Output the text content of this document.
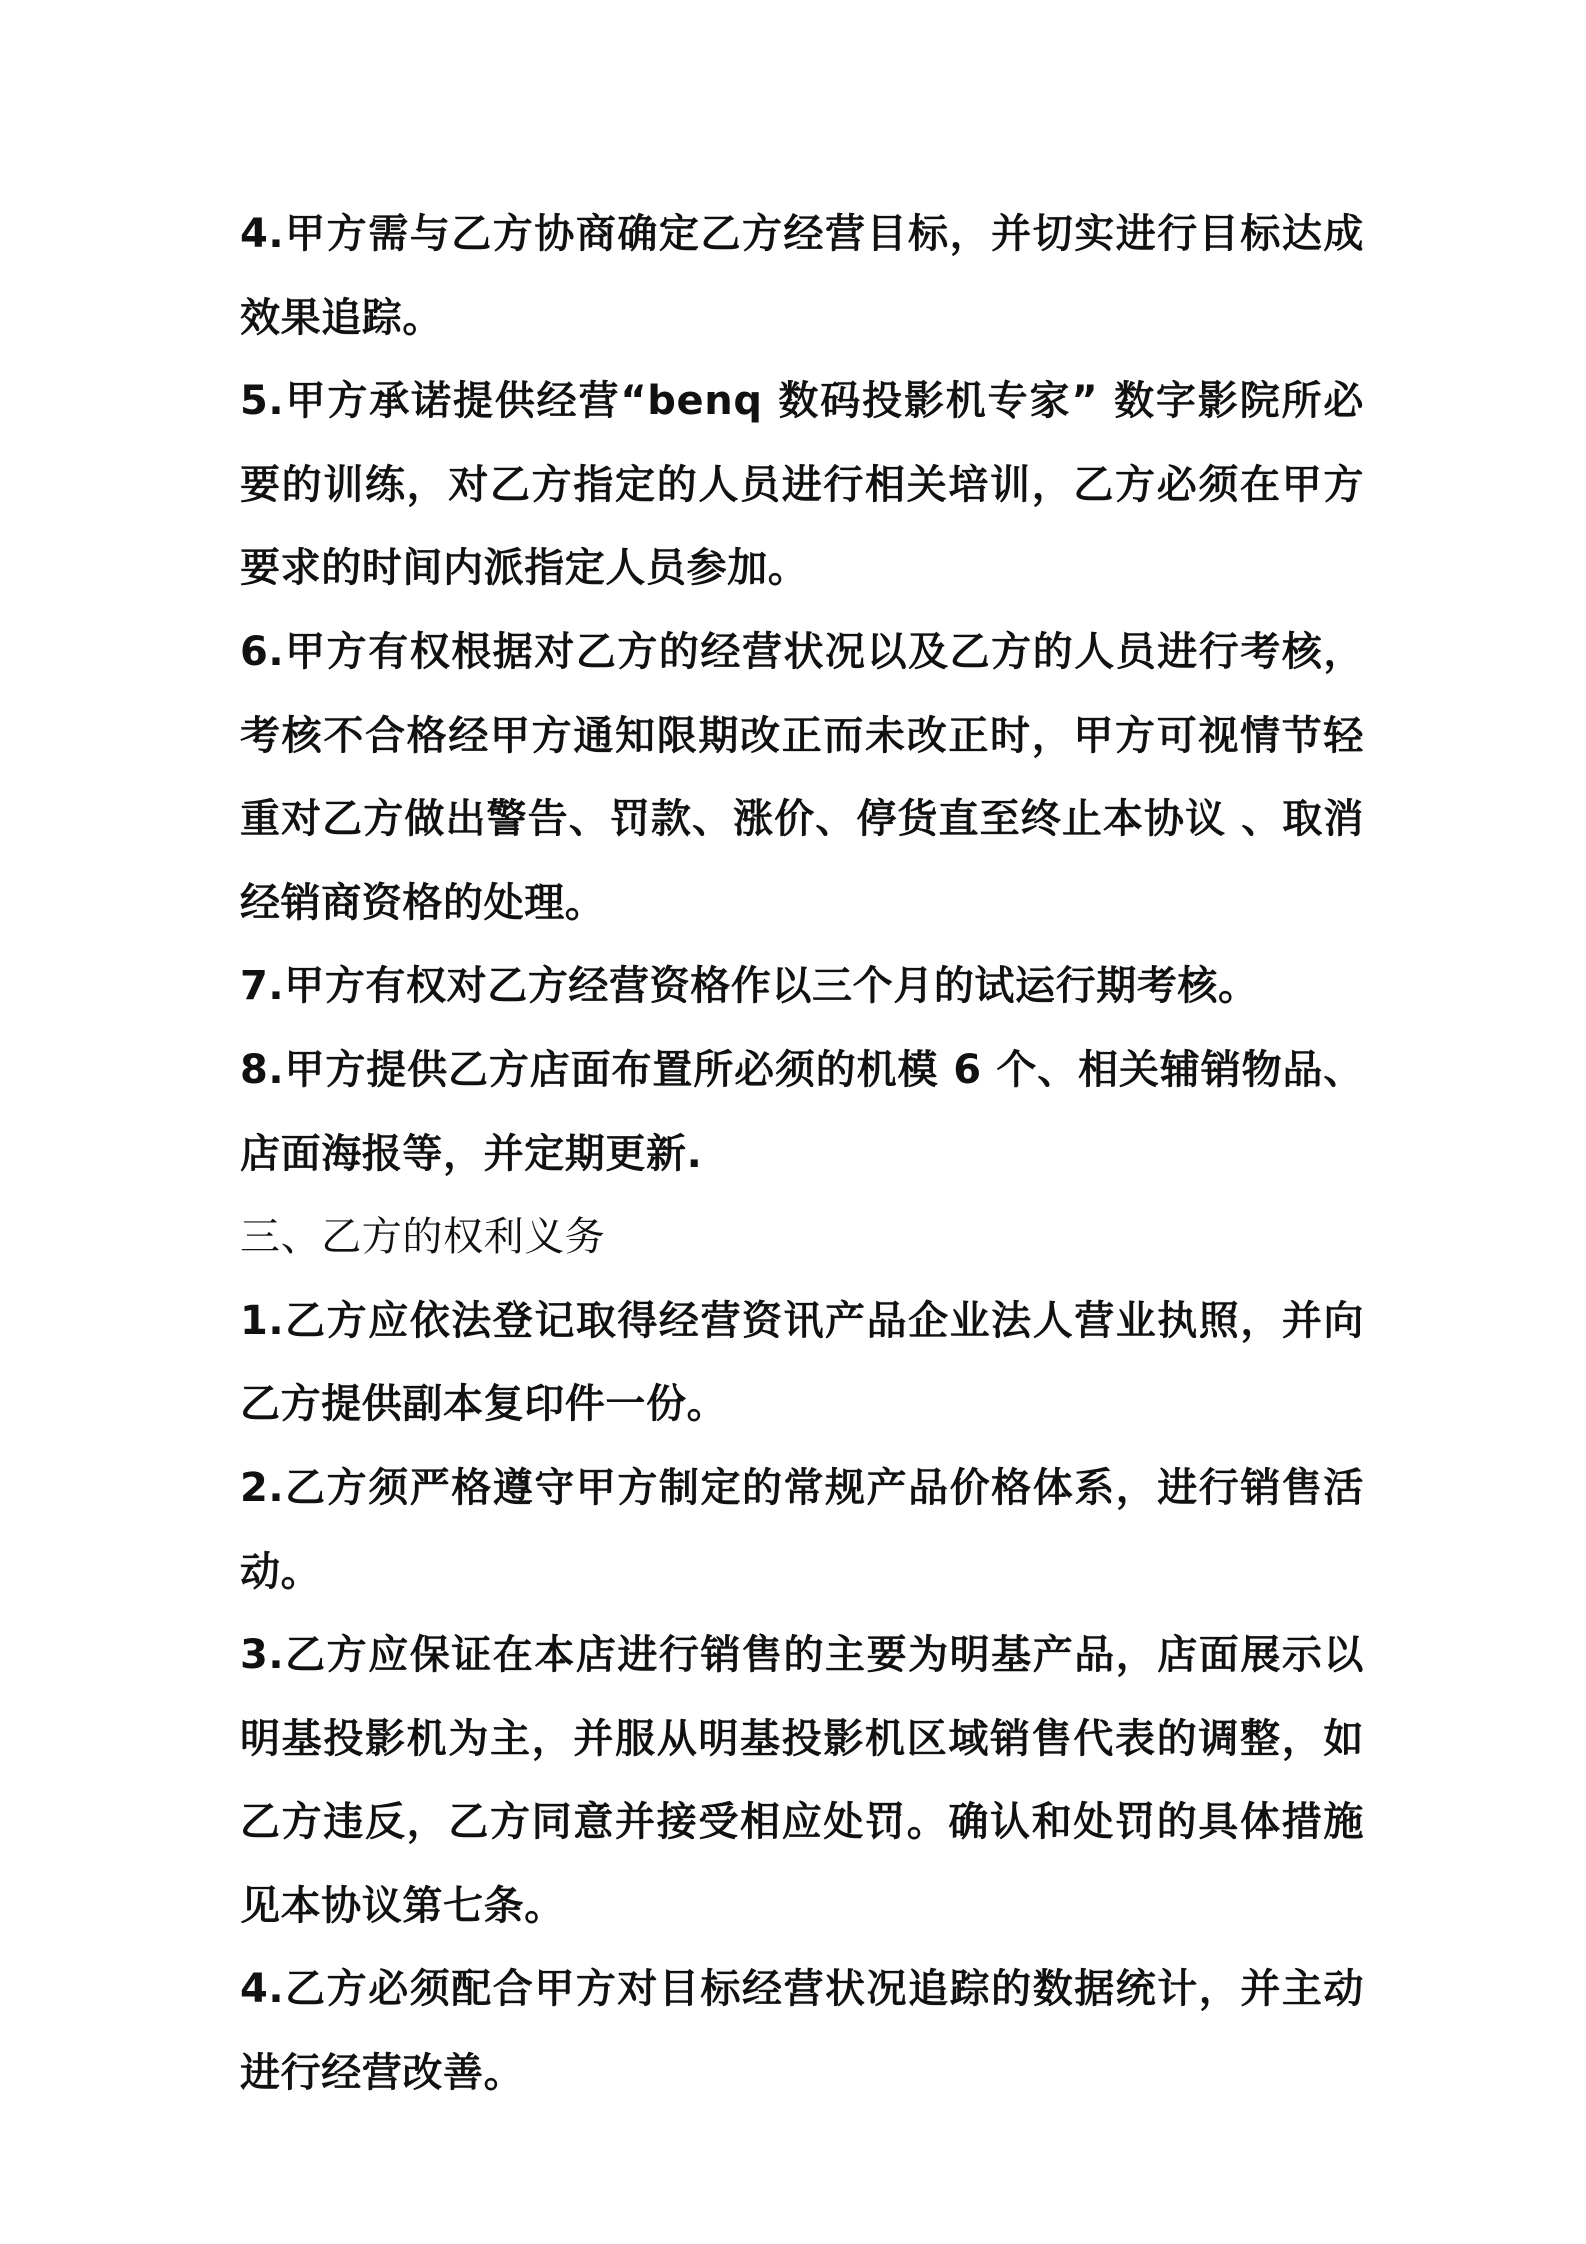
4.甲方需与乙方协商确定乙方经营目标，并切实进行目标达成效果追踪。

5.甲方承诺提供经营“benq 数码投影机专家” 数字影院所必要的训练，对乙方指定的人员进行相关培训，乙方必须在甲方要求的时间内派指定人员参加。

6.甲方有权根据对乙方的经营状况以及乙方的人员进行考核，考核不合格经甲方通知限期改正而未改正时，甲方可视情节轻重对乙方做出警告、罚款、涨价、停货直至终止本协议 、取消经销商资格的处理。

7.甲方有权对乙方经营资格作以三个月的试运行期考核。

8.甲方提供乙方店面布置所必须的机模 6 个、相关辅销物品、店面海报等，并定期更新.

三、乙方的权利义务

1.乙方应依法登记取得经营资讯产品企业法人营业执照，并向乙方提供副本复印件一份。

2.乙方须严格遵守甲方制定的常规产品价格体系，进行销售活动。

3.乙方应保证在本店进行销售的主要为明基产品，店面展示以明基投影机为主，并服从明基投影机区域销售代表的调整，如乙方违反，乙方同意并接受相应处罚。确认和处罚的具体措施见本协议第七条。

4.乙方必须配合甲方对目标经营状况追踪的数据统计，并主动进行经营改善。
